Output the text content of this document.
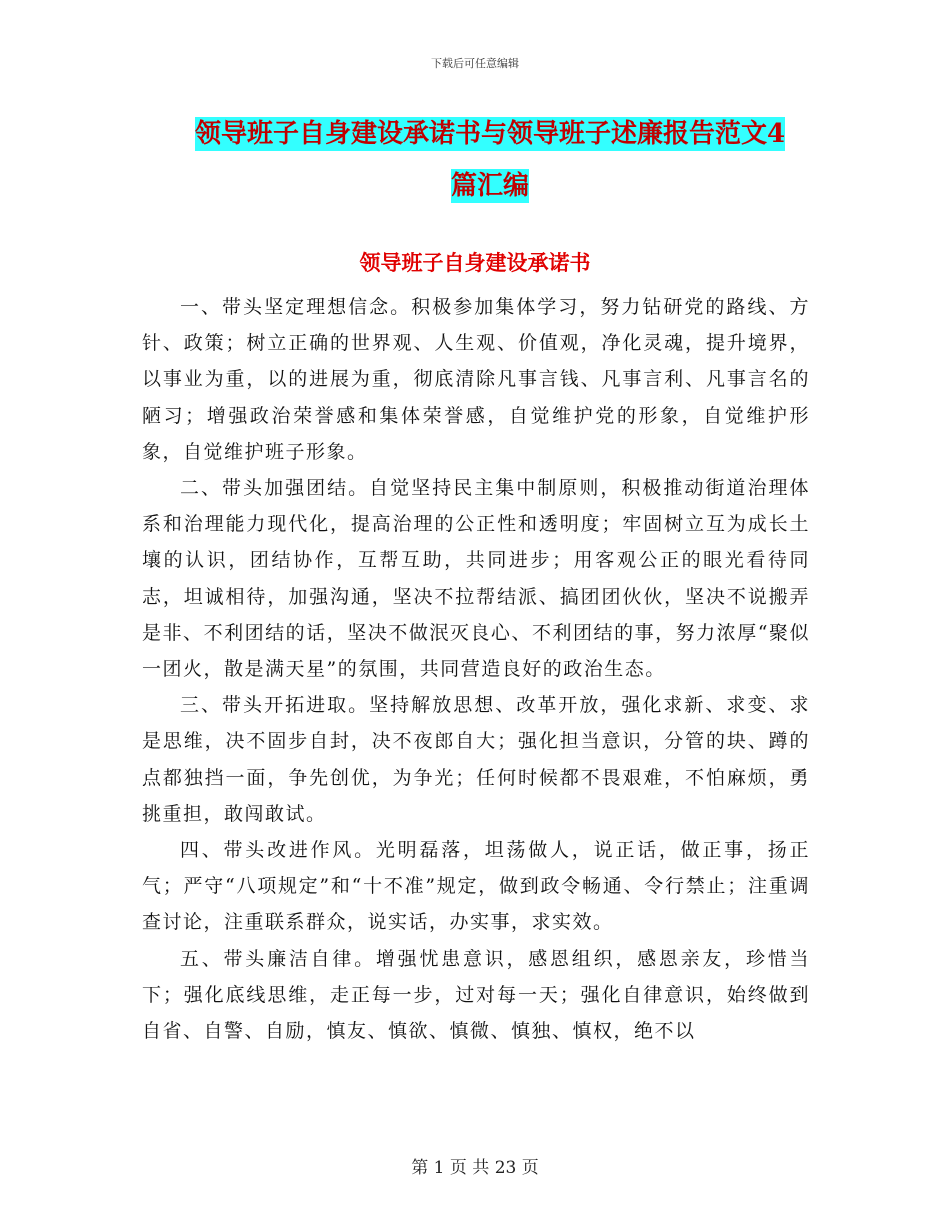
下载后可任意编辑
领导班子自身建设承诺书与领导班子述廉报告范文4
篇汇编
领导班子自身建设承诺书

一、带头坚定理想信念。积极参加集体学习，努力钻研党的路线、方针、政策；树立正确的世界观、人生观、价值观，净化灵魂，提升境界，以事业为重，以的进展为重，彻底清除凡事言钱、凡事言利、凡事言名的陋习；增强政治荣誉感和集体荣誉感，自觉维护党的形象，自觉维护形象，自觉维护班子形象。

二、带头加强团结。自觉坚持民主集中制原则，积极推动街道治理体系和治理能力现代化，提高治理的公正性和透明度；牢固树立互为成长土壤的认识，团结协作，互帮互助，共同进步；用客观公正的眼光看待同志，坦诚相待，加强沟通，坚决不拉帮结派、搞团团伙伙，坚决不说搬弄是非、不利团结的话，坚决不做泯灭良心、不利团结的事，努力浓厚“聚似一团火，散是满天星”的氛围，共同营造良好的政治生态。

三、带头开拓进取。坚持解放思想、改革开放，强化求新、求变、求是思维，决不固步自封，决不夜郎自大；强化担当意识，分管的块、蹲的点都独挡一面，争先创优，为争光；任何时候都不畏艰难，不怕麻烦，勇挑重担，敢闯敢试。

四、带头改进作风。光明磊落，坦荡做人，说正话，做正事，扬正气；严守“八项规定”和“十不准”规定，做到政令畅通、令行禁止；注重调查讨论，注重联系群众，说实话，办实事，求实效。

五、带头廉洁自律。增强忧患意识，感恩组织，感恩亲友，珍惜当下；强化底线思维，走正每一步，过对每一天；强化自律意识，始终做到自省、自警、自励，慎友、慎欲、慎微、慎独、慎权，绝不以

第 1 页 共 23 页
